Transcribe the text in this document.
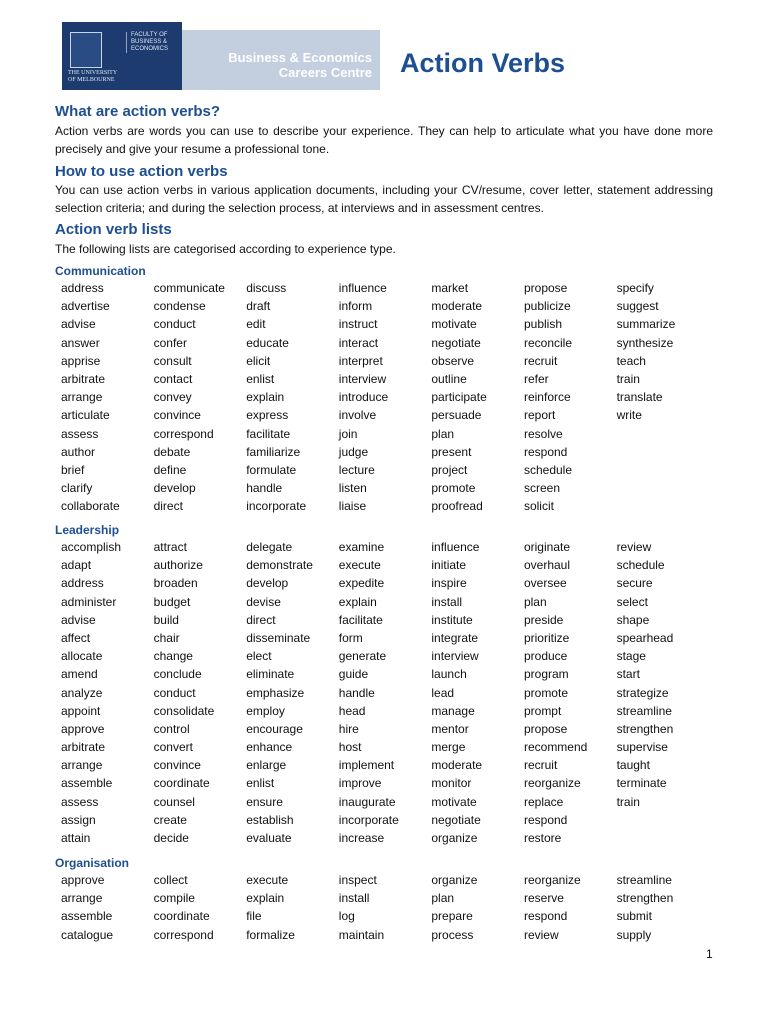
THE UNIVERSITY OF MELBOURNE
FACULTY OF BUSINESS & ECONOMICS
Business & Economics
Careers Centre Action Verbs
What are action verbs?

Action verbs are words you can use to describe your experience. They can help to articulate what you have done more precisely and give your resume a professional tone.

How to use action verbs

You can use action verbs in various application documents, including your CV/resume, cover letter, statement addressing selection criteria; and during the selection process, at interviews and in assessment centres.

Action verb lists

The following lists are categorised according to experience type.

Communication
address
advertise
advise
answer
apprise
arbitrate
arrange
articulate
assess
author
brief
clarify
collaborate
communicate
condense
conduct
confer
consult
contact
convey
convince
correspond
debate
define
develop
direct
discuss
draft
edit
educate
elicit
enlist
explain
express
facilitate
familiarize
formulate
handle
incorporate
influence
inform
instruct
interact
interpret
interview
introduce
involve
join
judge
lecture
listen
liaise
market
moderate
motivate
negotiate
observe
outline
participate
persuade
plan
present
project
promote
proofread
propose
publicize
publish
reconcile
recruit
refer
reinforce
report
resolve
respond
schedule
screen
solicit
specify
suggest
summarize
synthesize
teach
train
translate
write
Leadership
accomplish
adapt
address
administer
advise
affect
allocate
amend
analyze
appoint
approve
arbitrate
arrange
assemble
assess
assign
attain
attract
authorize
broaden
budget
build
chair
change
conclude
conduct
consolidate
control
convert
convince
coordinate
counsel
create
decide
delegate
demonstrate
develop
devise
direct
disseminate
elect
eliminate
emphasize
employ
encourage
enhance
enlarge
enlist
ensure
establish
evaluate
examine
execute
expedite
explain
facilitate
form
generate
guide
handle
head
hire
host
implement
improve
inaugurate
incorporate
increase
influence
initiate
inspire
install
institute
integrate
interview
launch
lead
manage
mentor
merge
moderate
monitor
motivate
negotiate
organize
originate
overhaul
oversee
plan
preside
prioritize
produce
program
promote
prompt
propose
recommend
recruit
reorganize
replace
respond
restore
review
schedule
secure
select
shape
spearhead
stage
start
strategize
streamline
strengthen
supervise
taught
terminate
train
Organisation
approve
arrange
assemble
catalogue
collect
compile
coordinate
correspond
execute
explain
file
formalize
inspect
install
log
maintain
organize
plan
prepare
process
reorganize
reserve
respond
review
streamline
strengthen
submit
supply
1
